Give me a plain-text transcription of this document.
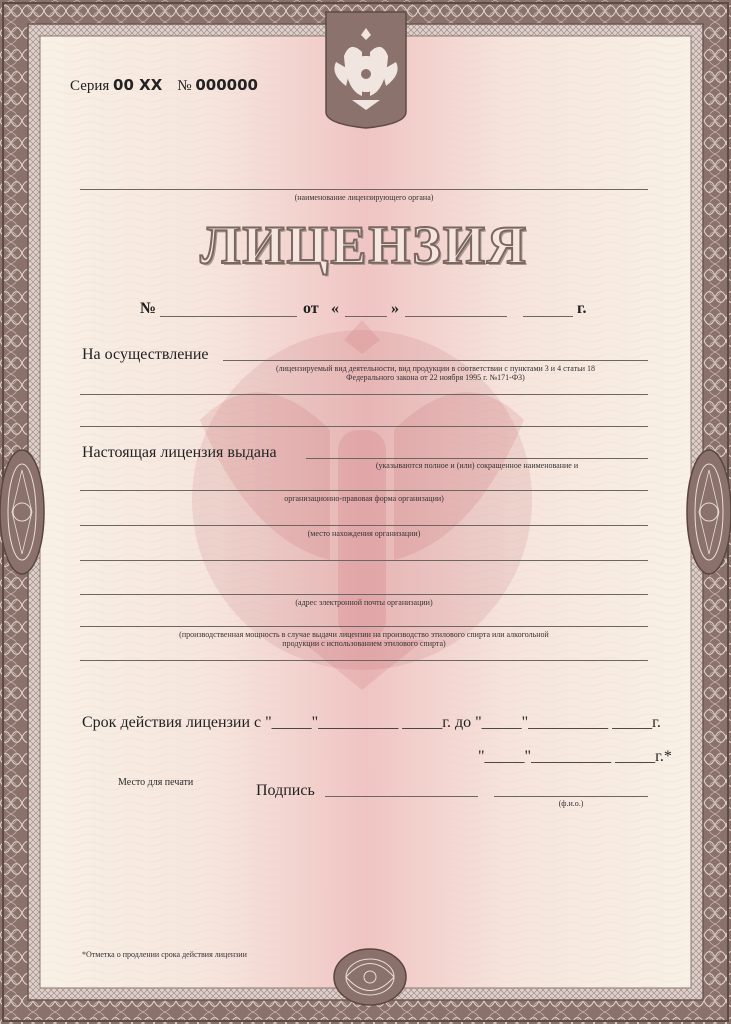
Серия 00 XX № 000000
(наименование лицензирующего органа)
ЛИЦЕНЗИЯ
№	от «	»	г.
На осуществление
(лицензируемый вид деятельности, вид продукции в соответствии с пунктами 3 и 4 статьи 18
Федерального закона от 22 ноября 1995 г. №171-ФЗ)
Настоящая лицензия выдана
(указываются полное и (или) сокращенное наименование и
организационно-правовая форма организации)
(место нахождения организации)
(адрес электронной почты организации)
(производственная мощность в случае выдачи лицензии на производство этилового спирта или алкогольной
продукции с использованием этилового спирта)
Срок действия лицензии с "_____"__________ _____г. до "_____"__________ _____г.
"_____"__________ _____г.*
Место для печати	Подпись
(ф.и.о.)
*Отметка о продлении срока действия лицензии
